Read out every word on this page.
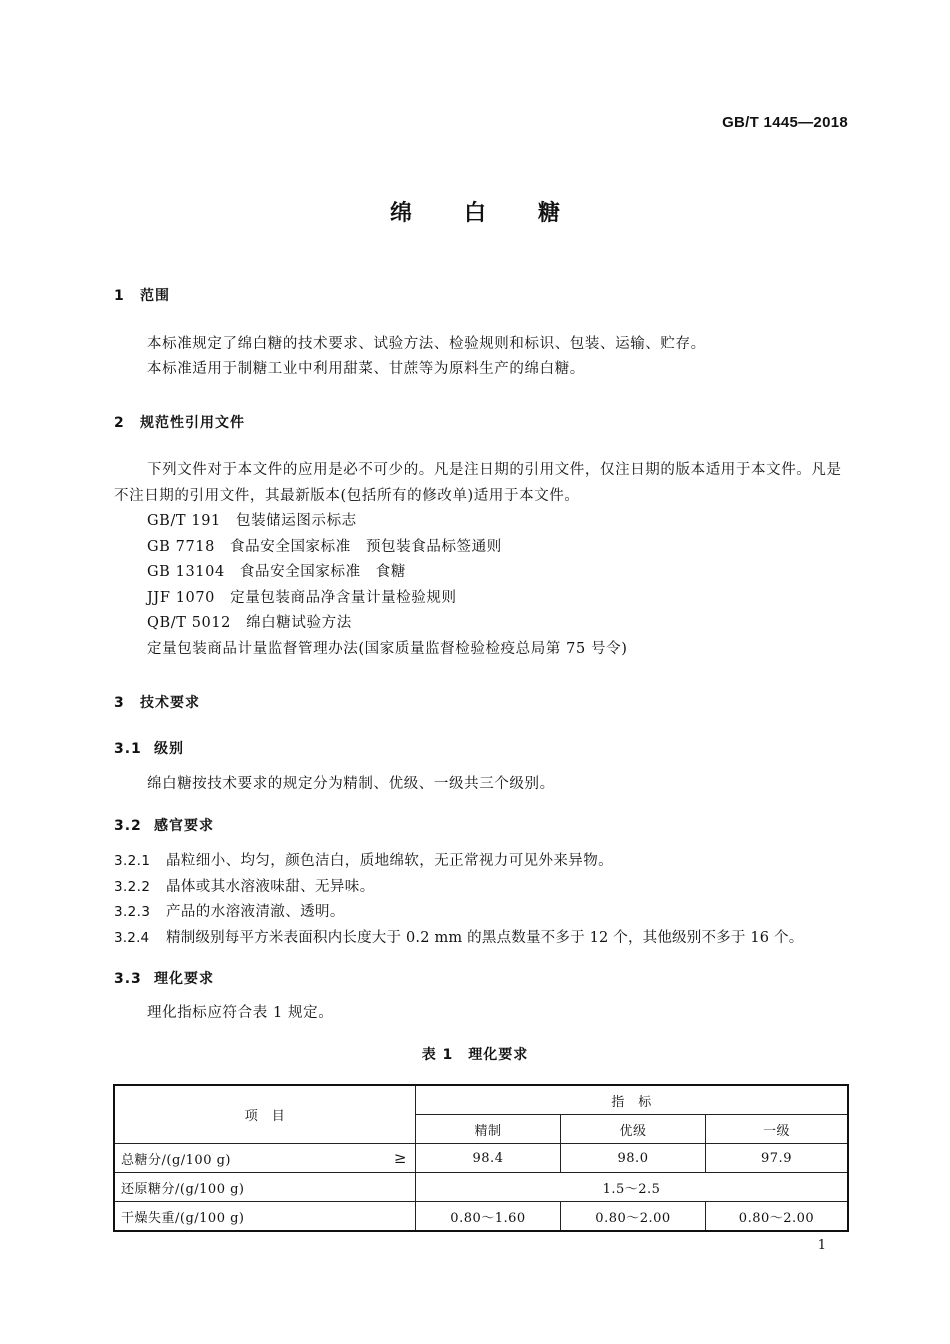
GB/T 1445—2018
绵白糖
1 范围
本标准规定了绵白糖的技术要求、试验方法、检验规则和标识、包装、运输、贮存。
本标准适用于制糖工业中利用甜菜、甘蔗等为原料生产的绵白糖。
2 规范性引用文件
下列文件对于本文件的应用是必不可少的。凡是注日期的引用文件，仅注日期的版本适用于本文件。凡是不注日期的引用文件，其最新版本(包括所有的修改单)适用于本文件。
GB/T 191　包装储运图示标志
GB 7718　食品安全国家标准　预包装食品标签通则
GB 13104　食品安全国家标准　食糖
JJF 1070　定量包装商品净含量计量检验规则
QB/T 5012　绵白糖试验方法
定量包装商品计量监督管理办法(国家质量监督检验检疫总局第 75 号令)
3 技术要求
3.1 级别
绵白糖按技术要求的规定分为精制、优级、一级共三个级别。
3.2 感官要求
3.2.1 晶粒细小、均匀，颜色洁白，质地绵软，无正常视力可见外来异物。
3.2.2 晶体或其水溶液味甜、无异味。
3.2.3 产品的水溶液清澈、透明。
3.2.4 精制级别每平方米表面积内长度大于 0.2 mm 的黑点数量不多于 12 个，其他级别不多于 16 个。
3.3 理化要求
理化指标应符合表 1 规定。
表 1　理化要求
项　目	指　标		
	精制	优级	一级
总糖分/(g/100 g) ≥	98.4	98.0	97.9
还原糖分/(g/100 g)	1.5～2.5		
干燥失重/(g/100 g)	0.80～1.60	0.80～2.00	0.80～2.00
1
